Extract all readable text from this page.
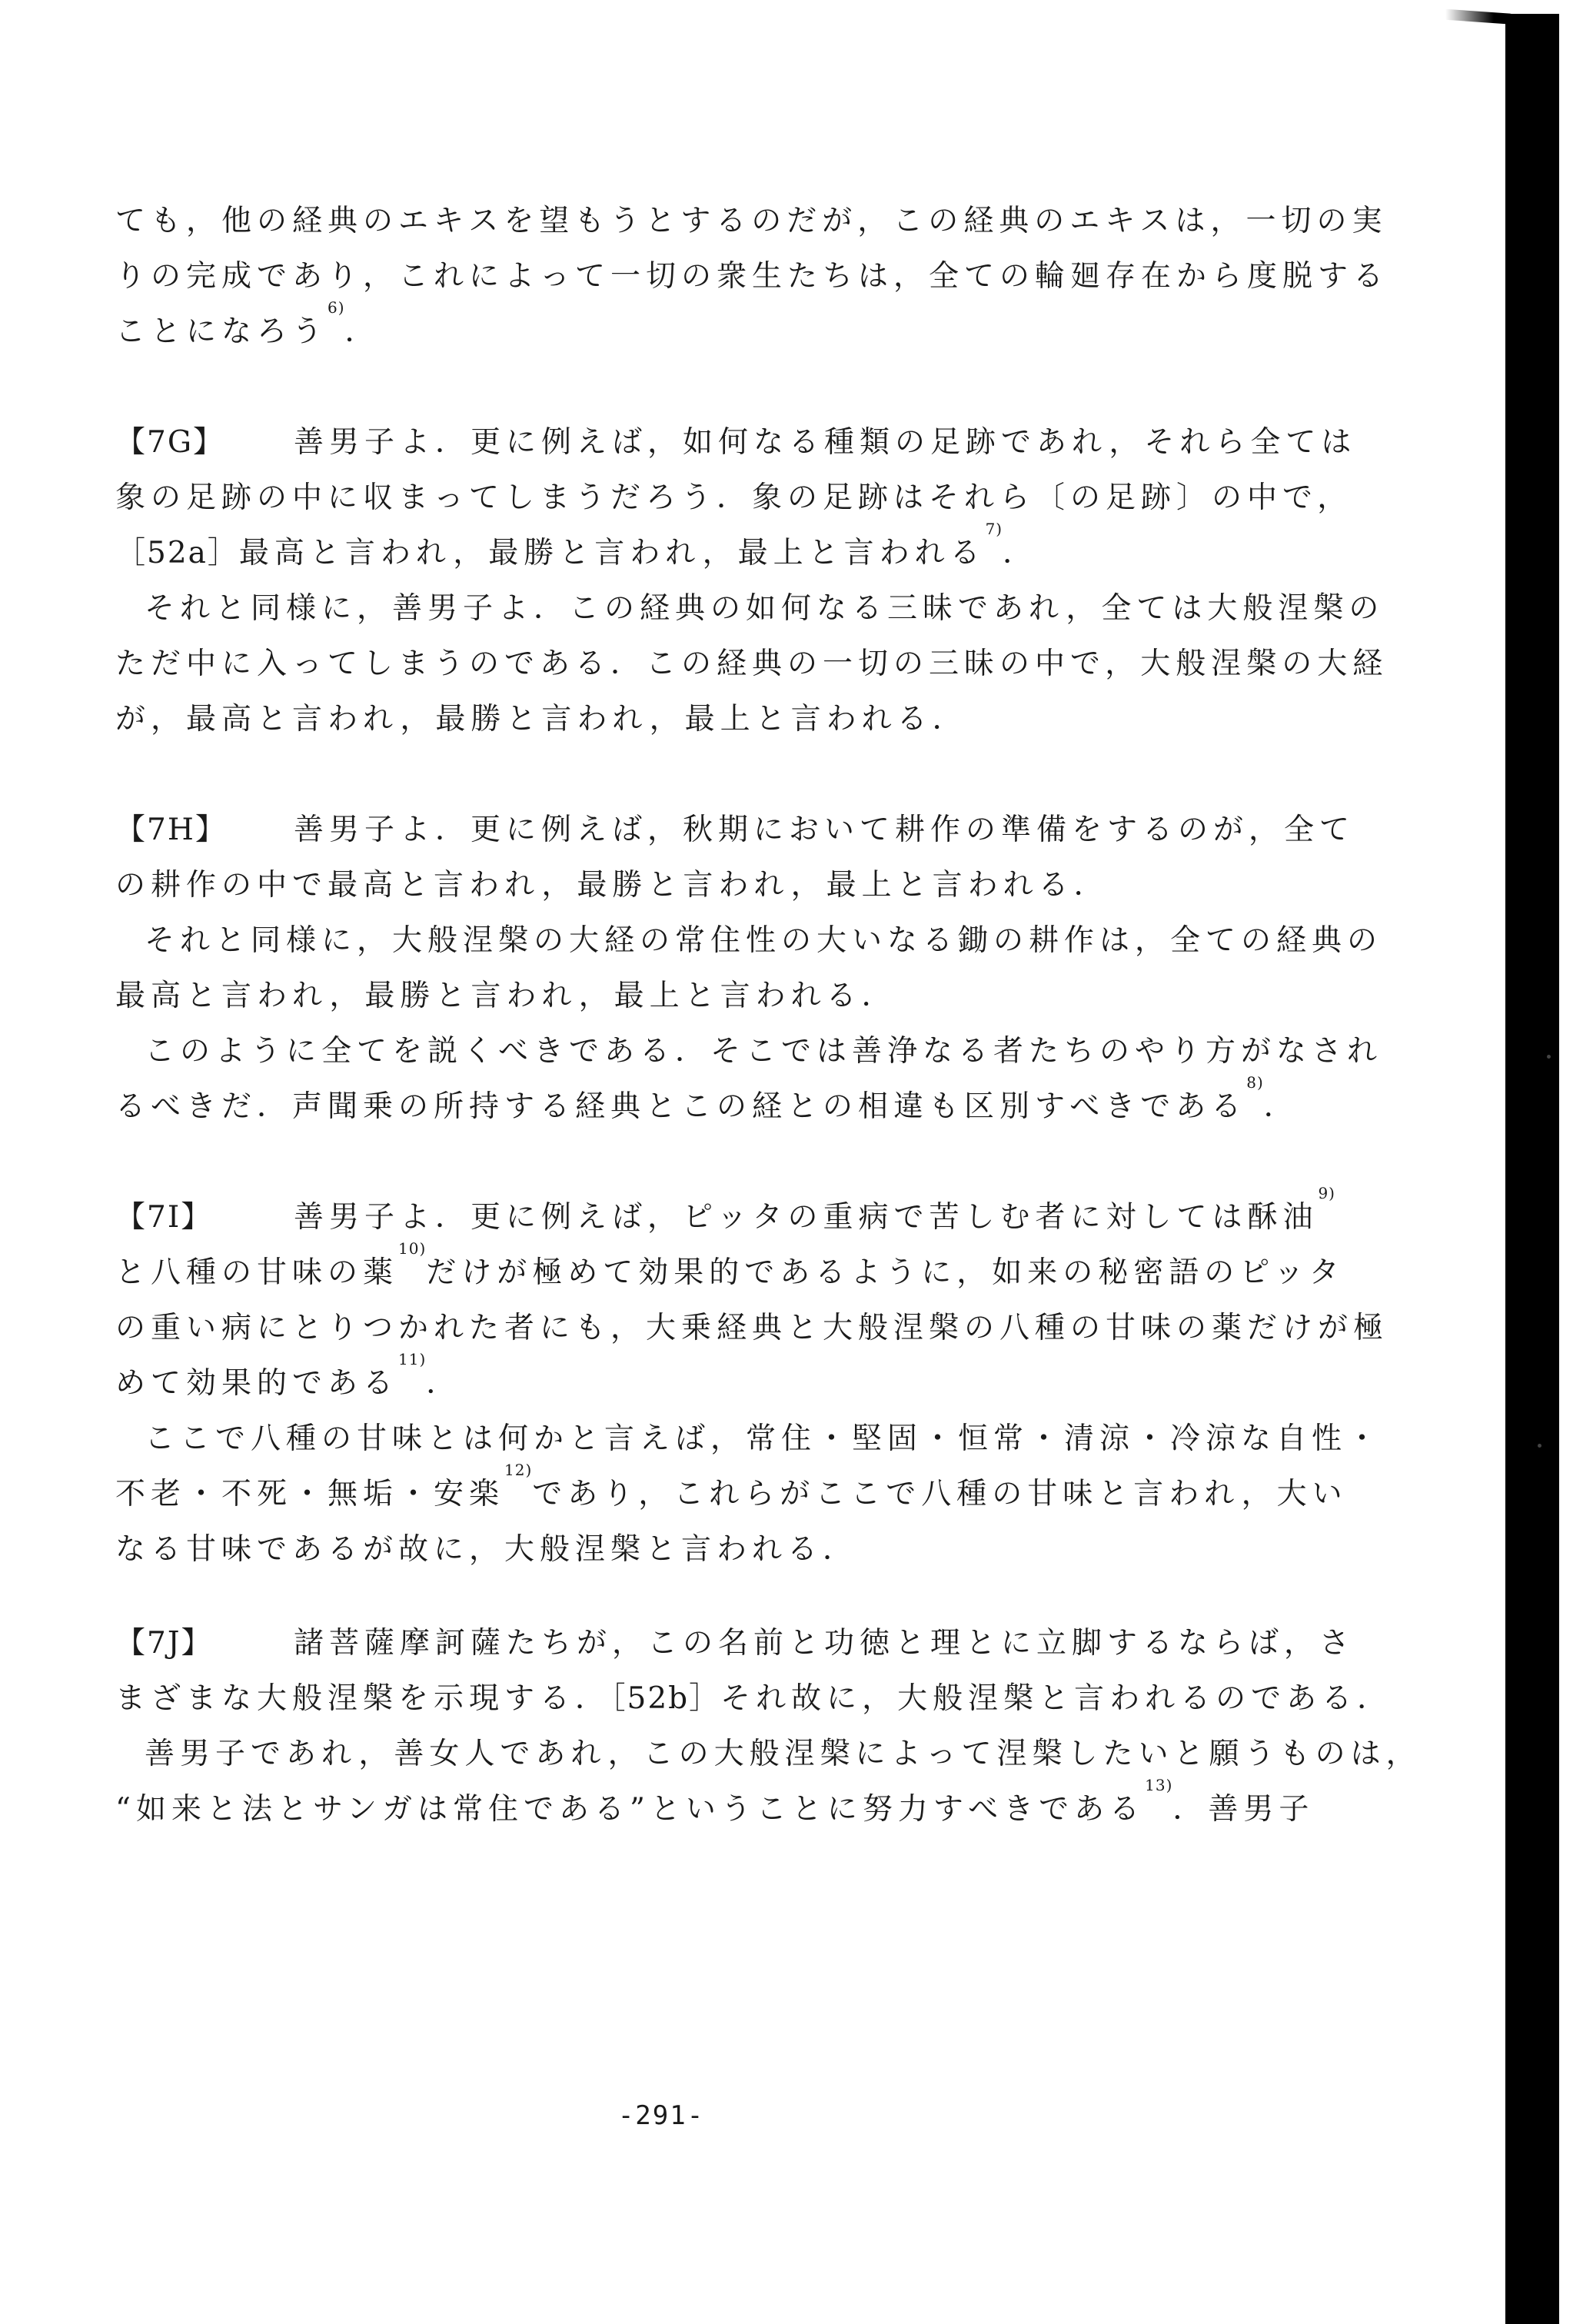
ても，他の経典のエキスを望もうとするのだが，この経典のエキスは，一切の実
りの完成であり，これによって一切の衆生たちは，全ての輪廻存在から度脱する
ことになろう$^{6)}$．
【7G】 善男子よ．更に例えば，如何なる種類の足跡であれ，それら全ては
象の足跡の中に収まってしまうだろう．象の足跡はそれら〔の足跡〕の中で，
［52a］最高と言われ，最勝と言われ，最上と言われる$^{7)}$．
それと同様に，善男子よ．この経典の如何なる三昧であれ，全ては大般涅槃の
ただ中に入ってしまうのである．この経典の一切の三昧の中で，大般涅槃の大経
が，最高と言われ，最勝と言われ，最上と言われる．
【7H】 善男子よ．更に例えば，秋期において耕作の準備をするのが，全て
の耕作の中で最高と言われ，最勝と言われ，最上と言われる．
それと同様に，大般涅槃の大経の常住性の大いなる鋤の耕作は，全ての経典の
最高と言われ，最勝と言われ，最上と言われる．
このように全てを説くべきである．そこでは善浄なる者たちのやり方がなされ
るべきだ．声聞乗の所持する経典とこの経との相違も区別すべきである$^{8)}$．
【7I】	善男子よ．更に例えば，ピッタの重病で苦しむ者に対しては酥油$^{9)}$
と八種の甘味の薬$^{10)}$だけが極めて効果的であるように，如来の秘密語のピッタ
の重い病にとりつかれた者にも，大乗経典と大般涅槃の八種の甘味の薬だけが極
めて効果的である$^{11)}$．
ここで八種の甘味とは何かと言えば，常住・堅固・恒常・清涼・冷涼な自性・
不老・不死・無垢・安楽$^{12)}$であり，これらがここで八種の甘味と言われ，大い
なる甘味であるが故に，大般涅槃と言われる．
【7J】	諸菩薩摩訶薩たちが，この名前と功徳と理とに立脚するならば，さ
まざまな大般涅槃を示現する．［52b］それ故に，大般涅槃と言われるのである．
善男子であれ，善女人であれ，この大般涅槃によって涅槃したいと願うものは，
“如来と法とサンガは常住である”ということに努力すべきである$^{13)}$．善男子
-291-
